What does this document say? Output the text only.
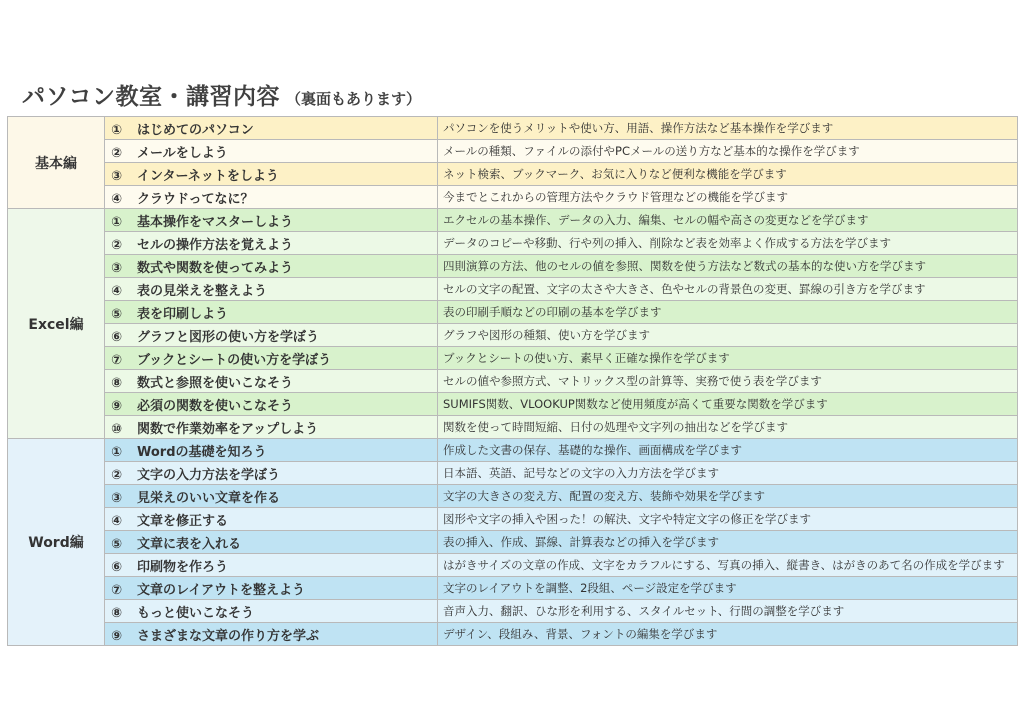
パソコン教室・講習内容 （裏面もあります）
基本編	① はじめてのパソコン	パソコンを使うメリットや使い方、用語、操作方法など基本操作を学びます
	② メールをしよう	メールの種類、ファイルの添付やPCメールの送り方など基本的な操作を学びます
	③ インターネットをしよう	ネット検索、ブックマーク、お気に入りなど便利な機能を学びます
	④ クラウドってなに？	今までとこれからの管理方法やクラウド管理などの機能を学びます
Excel編	① 基本操作をマスターしよう	エクセルの基本操作、データの入力、編集、セルの幅や高さの変更などを学びます
	② セルの操作方法を覚えよう	データのコピーや移動、行や列の挿入、削除など表を効率よく作成する方法を学びます
	③ 数式や関数を使ってみよう	四則演算の方法、他のセルの値を参照、関数を使う方法など数式の基本的な使い方を学びます
	④ 表の見栄えを整えよう	セルの文字の配置、文字の太さや大きさ、色やセルの背景色の変更、罫線の引き方を学びます
	⑤ 表を印刷しよう	表の印刷手順などの印刷の基本を学びます
	⑥ グラフと図形の使い方を学ぼう	グラフや図形の種類、使い方を学びます
	⑦ ブックとシートの使い方を学ぼう	ブックとシートの使い方、素早く正確な操作を学びます
	⑧ 数式と参照を使いこなそう	セルの値や参照方式、マトリックス型の計算等、実務で使う表を学びます
	⑨ 必須の関数を使いこなそう	SUMIFS関数、VLOOKUP関数など使用頻度が高くて重要な関数を学びます
	⑩ 関数で作業効率をアップしよう	関数を使って時間短縮、日付の処理や文字列の抽出などを学びます
Word編	① Wordの基礎を知ろう	作成した文書の保存、基礎的な操作、画面構成を学びます
	② 文字の入力方法を学ぼう	日本語、英語、記号などの文字の入力方法を学びます
	③ 見栄えのいい文章を作る	文字の大きさの変え方、配置の変え方、装飾や効果を学びます
	④ 文章を修正する	図形や文字の挿入や困った！の解決、文字や特定文字の修正を学びます
	⑤ 文章に表を入れる	表の挿入、作成、罫線、計算表などの挿入を学びます
	⑥ 印刷物を作ろう	はがきサイズの文章の作成、文字をカラフルにする、写真の挿入、縦書き、はがきのあて名の作成を学びます
	⑦ 文章のレイアウトを整えよう	文字のレイアウトを調整、2段組、ページ設定を学びます
	⑧ もっと使いこなそう	音声入力、翻訳、ひな形を利用する、スタイルセット、行間の調整を学びます
	⑨ さまざまな文章の作り方を学ぶ	デザイン、段組み、背景、フォントの編集を学びます
